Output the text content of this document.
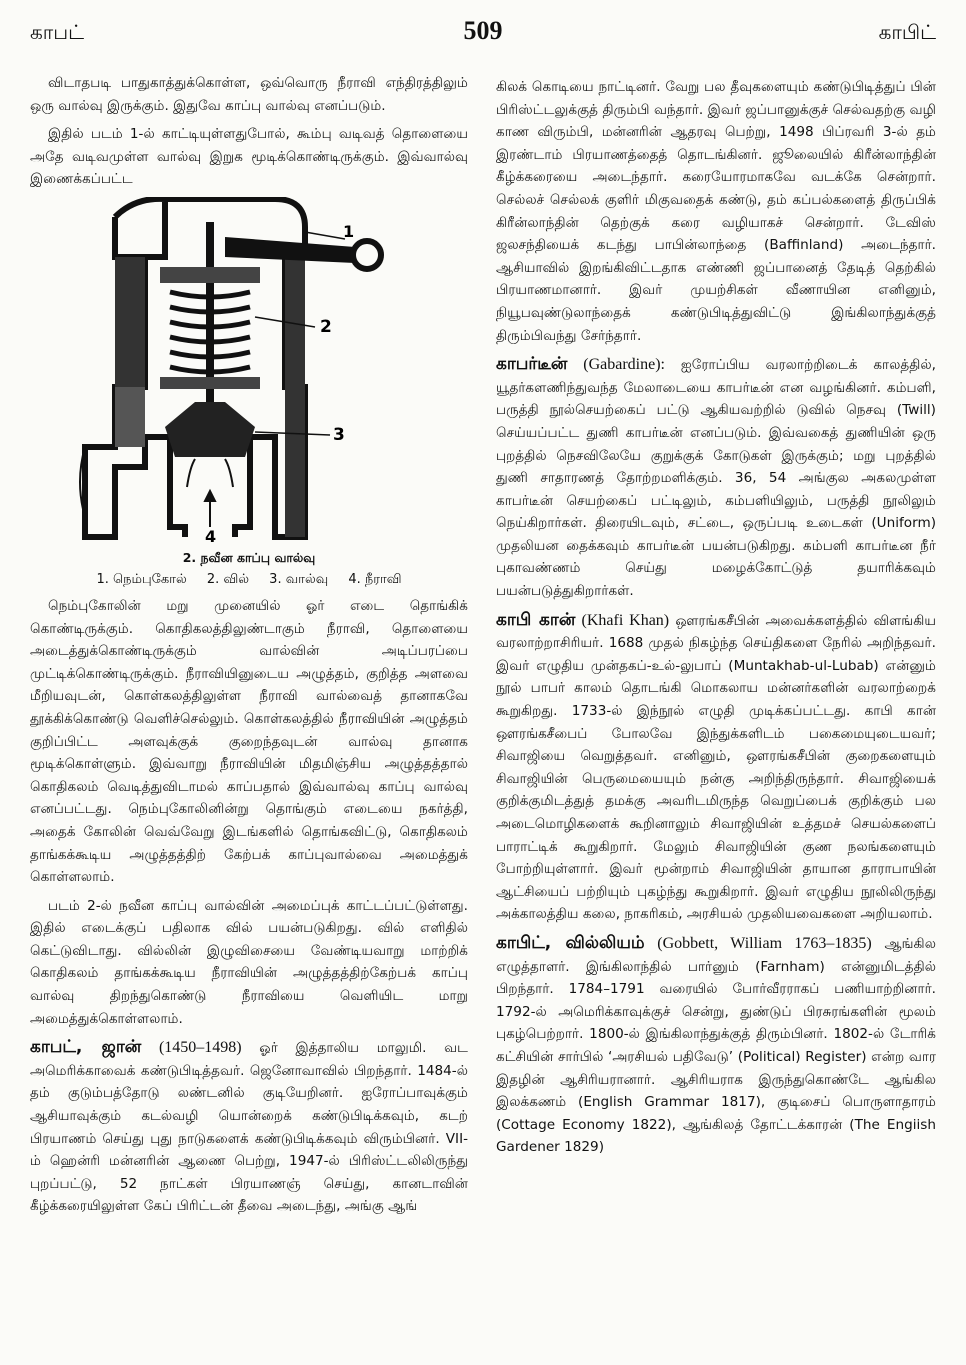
காபட்	509	காபிட்

விடாதபடி பாதுகாத்துக்கொள்ள, ஒவ்வொரு நீராவி எந்திரத்திலும் ஒரு வால்வு இருக்கும். இதுவே காப்பு வால்வு எனப்படும்.

இதில் படம் 1-ல் காட்டியுள்ளதுபோல், கூம்பு வடிவத் தொளையை அதே வடிவமுள்ள வால்வு இறுக மூடிக்கொண்டிருக்கும். இவ்வால்வு இணைக்கப்பட்ட

1
2
3
4
2. நவீன காப்பு வால்வு
1. நெம்புகோல் 2. வில் 3. வால்வு 4. நீராவி

நெம்புகோலின் மறு முனையில் ஓர் எடை தொங்கிக் கொண்டிருக்கும். கொதிகலத்திலுண்டாகும் நீராவி, தொளையை அடைத்துக்கொண்டிருக்கும் வால்வின் அடிப்பரப்பை முட்டிக்கொண்டிருக்கும். நீராவியினுடைய அழுத்தம், குறித்த அளவை மீறியவுடன், கொள்கலத்திலுள்ள நீராவி வால்வைத் தானாகவே தூக்கிக்கொண்டு வெளிச்செல்லும். கொள்கலத்தில் நீராவியின் அழுத்தம் குறிப்பிட்ட அளவுக்குக் குறைந்தவுடன் வால்வு தானாக மூடிக்கொள்ளும். இவ்வாறு நீராவியின் மிதமிஞ்சிய அழுத்தத்தால் கொதிகலம் வெடித்துவிடாமல் காப்பதால் இவ்வால்வு காப்பு வால்வு எனப்பட்டது. நெம்புகோலினின்று தொங்கும் எடையை நகர்த்தி, அதைக் கோலின் வெவ்வேறு இடங்களில் தொங்கவிட்டு, கொதிகலம் தாங்கக்கூடிய அழுத்தத்திற் கேற்பக் காப்புவால்வை அமைத்துக் கொள்ளலாம்.

படம் 2-ல் நவீன காப்பு வால்வின் அமைப்புக் காட்டப்பட்டுள்ளது. இதில் எடைக்குப் பதிலாக வில் பயன்படுகிறது. வில் எளிதில் கெட்டுவிடாது. வில்லின் இழுவிசையை வேண்டியவாறு மாற்றிக் கொதிகலம் தாங்கக்கூடிய நீராவியின் அழுத்தத்திற்கேற்பக் காப்பு வால்வு திறந்துகொண்டு நீராவியை வெளியிட மாறு அமைத்துக்கொள்ளலாம்.

காபட், ஜான் (1450–1498) ஓர் இத்தாலிய மாலுமி. வட அமெரிக்காவைக் கண்டுபிடித்தவர். ஜெனோவாவில் பிறந்தார். 1484-ல் தம் குடும்பத்தோடு லண்டனில் குடியேறினர். ஐரோப்பாவுக்கும் ஆசியாவுக்கும் கடல்வழி யொன்றைக் கண்டுபிடிக்கவும், கடற் பிரயாணம் செய்து புது நாடுகளைக் கண்டுபிடிக்கவும் விரும்பினர். VII-ம் ஹென்ரி மன்னரின் ஆணை பெற்று, 1947-ல் பிரிஸ்ட்டலிலிருந்து புறப்பட்டு, 52 நாட்கள் பிரயாணஞ் செய்து, கானடாவின் கீழ்க்கரையிலுள்ள கேப் பிரிட்டன் தீவை அடைந்து, அங்கு ஆங்

கிலக் கொடியை நாட்டினர். வேறு பல தீவுகளையும் கண்டுபிடித்துப் பின் பிரிஸ்ட்டலுக்குத் திரும்பி வந்தார். இவர் ஜப்பானுக்குச் செல்வதற்கு வழி காண விரும்பி, மன்னரின் ஆதரவு பெற்று, 1498 பிப்ரவரி 3-ல் தம் இரண்டாம் பிரயாணத்தைத் தொடங்கினர். ஜூலையில் கிரீன்லாந்தின் கீழ்க்கரையை அடைந்தார். கரையோரமாகவே வடக்கே சென்றார். செல்லச் செல்லக் குளிர் மிகுவதைக் கண்டு, தம் கப்பல்களைத் திருப்பிக் கிரீன்லாந்தின் தெற்குக் கரை வழியாகச் சென்றார். டேவிஸ் ஜலசந்தியைக் கடந்து பாபின்லாந்தை (Baffinland) அடைந்தார். ஆசியாவில் இறங்கிவிட்டதாக எண்ணி ஜப்பானைத் தேடித் தெற்கில் பிரயாணமானார். இவர் முயற்சிகள் வீணாயின எனினும், நியூபவுண்டுலாந்தைக் கண்டுபிடித்துவிட்டு இங்கிலாந்துக்குத் திரும்பிவந்து சேர்ந்தார்.

காபர்டீன் (Gabardine): ஐரோப்பிய வரலாற்றிடைக் காலத்தில், யூதர்களணிந்துவந்த மேலாடையை காபர்டீன் என வழங்கினர். கம்பளி, பருத்தி நூல்செயற்கைப் பட்டு ஆகியவற்றில் டுவில் நெசவு (Twill) செய்யப்பட்ட துணி காபர்டீன் எனப்படும். இவ்வகைத் துணியின் ஒரு புறத்தில் நெசவிலேயே குறுக்குக் கோடுகள் இருக்கும்; மறு புறத்தில் துணி சாதாரணத் தோற்றமளிக்கும். 36, 54 அங்குல அகலமுள்ள காபர்டீன் செயற்கைப் பட்டிலும், கம்பளியிலும், பருத்தி நூலிலும் நெய்கிறார்கள். திரையிடவும், சட்டை, ஒருப்படி உடைகள் (Uniform) முதலியன தைக்கவும் காபர்டீன் பயன்படுகிறது. கம்பளி காபர்டீன நீர் புகாவண்ணம் செய்து மழைக்கோட்டுத் தயாரிக்கவும் பயன்படுத்துகிறார்கள்.

காபி கான் (Khafi Khan) ஔரங்கசீபின் அவைக்களத்தில் விளங்கிய வரலாற்றாசிரியர். 1688 முதல் நிகழ்ந்த செய்திகளை நேரில் அறிந்தவர். இவர் எழுதிய முன்தகப்-உல்-லுபாப் (Muntakhab-ul-Lubab) என்னும் நூல் பாபர் காலம் தொடங்கி மொகலாய மன்னர்களின் வரலாற்றைக் கூறுகிறது. 1733-ல் இந்நூல் எழுதி முடிக்கப்பட்டது. காபி கான் ஔரங்கசீபைப் போலவே இந்துக்களிடம் பகைமையுடையவர்; சிவாஜியை வெறுத்தவர். எனினும், ஔரங்கசீபின் குறைகளையும் சிவாஜியின் பெருமையையும் நன்கு அறிந்திருந்தார். சிவாஜியைக் குறிக்குமிடத்துத் தமக்கு அவரிடமிருந்த வெறுப்பைக் குறிக்கும் பல அடைமொழிகளைக் கூறினாலும் சிவாஜியின் உத்தமச் செயல்களைப் பாராட்டிக் கூறுகிறார். மேலும் சிவாஜியின் குண நலங்களையும் போற்றியுள்ளார். இவர் மூன்றாம் சிவாஜியின் தாயான தாராபாயின் ஆட்சியைப் பற்றியும் புகழ்ந்து கூறுகிறார். இவர் எழுதிய நூலிலிருந்து அக்காலத்திய கலை, நாகரிகம், அரசியல் முதலியவைகளை அறியலாம்.

காபிட், வில்லியம் (Gobbett, William 1763–1835) ஆங்கில எழுத்தாளர். இங்கிலாந்தில் பார்னும் (Farnham) என்னுமிடத்தில் பிறந்தார். 1784–1791 வரையில் போர்வீரராகப் பணியாற்றினார். 1792-ல் அமெரிக்காவுக்குச் சென்று, துண்டுப் பிரசுரங்களின் மூலம் புகழ்பெற்றார். 1800-ல் இங்கிலாந்துக்குத் திரும்பினர். 1802-ல் டோரிக் கட்சியின் சார்பில் ‘அரசியல் பதிவேடு’ (Political) Register) என்ற வார இதழின் ஆசிரியரானார். ஆசிரியராக இருந்துகொண்டே ஆங்கில இலக்கணம் (English Grammar 1817), குடிசைப் பொருளாதாரம் (Cottage Economy 1822), ஆங்கிலத் தோட்டக்காரன் (The Engiish Gardener 1829)
